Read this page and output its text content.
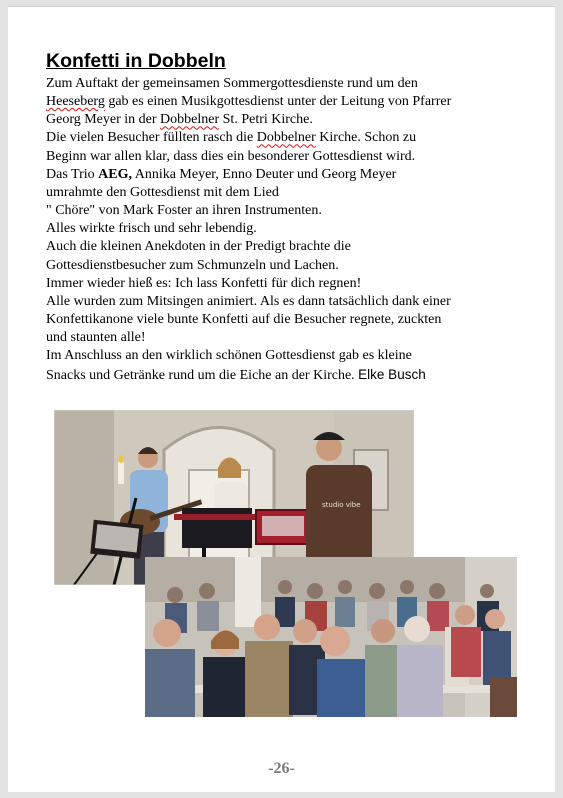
Konfetti in Dobbeln
Zum Auftakt der gemeinsamen Sommergottesdienste rund um den
Heeseberg gab es einen Musikgottesdienst unter der Leitung von Pfarrer
Georg Meyer in der Dobbelner St. Petri Kirche.
Die vielen Besucher füllten rasch die Dobbelner Kirche. Schon zu
Beginn war allen klar, dass dies ein besonderer Gottesdienst wird.
Das Trio AEG, Annika Meyer, Enno Deuter und Georg Meyer
umrahmte den Gottesdienst mit dem Lied
" Chöre" von Mark Foster an ihren Instrumenten.
Alles wirkte frisch und sehr lebendig.
Auch die kleinen Anekdoten in der Predigt brachte die
Gottesdienstbesucher zum Schmunzeln und Lachen.
Immer wieder hieß es: Ich lass Konfetti für dich regnen!
Alle wurden zum Mitsingen animiert. Als es dann tatsächlich dank einer
Konfettikanone viele bunte Konfetti auf die Besucher regnete, zuckten
und staunten alle!
Im Anschluss an den wirklich schönen Gottesdienst gab es kleine
Snacks und Getränke rund um die Eiche an der Kirche. Elke Busch
studio vibe
-26-
